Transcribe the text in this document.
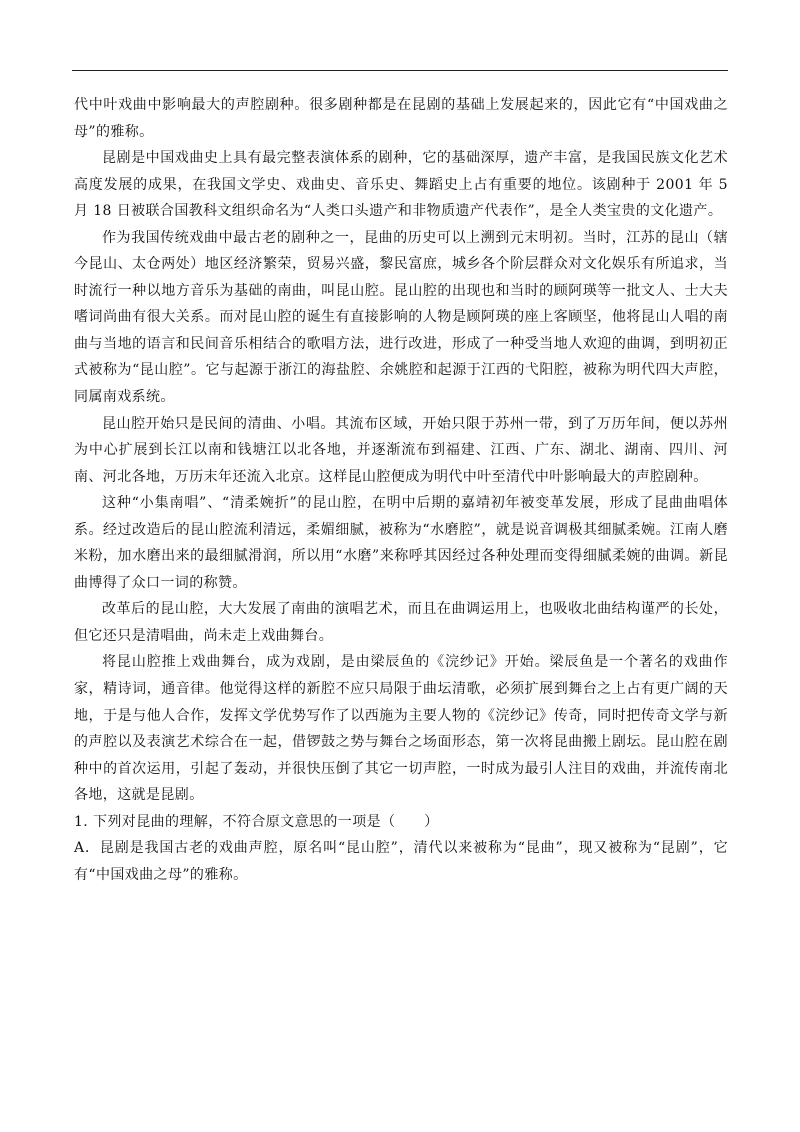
代中叶戏曲中影响最大的声腔剧种。很多剧种都是在昆剧的基础上发展起来的，因此它有“中国戏曲之母”的雅称。

昆剧是中国戏曲史上具有最完整表演体系的剧种，它的基础深厚，遗产丰富，是我国民族文化艺术高度发展的成果，在我国文学史、戏曲史、音乐史、舞蹈史上占有重要的地位。该剧种于 2001 年 5 月 18 日被联合国教科文组织命名为“人类口头遗产和非物质遗产代表作”，是全人类宝贵的文化遗产。

作为我国传统戏曲中最古老的剧种之一，昆曲的历史可以上溯到元末明初。当时，江苏的昆山（辖今昆山、太仓两处）地区经济繁荣，贸易兴盛，黎民富庶，城乡各个阶层群众对文化娱乐有所追求，当时流行一种以地方音乐为基础的南曲，叫昆山腔。昆山腔的出现也和当时的顾阿瑛等一批文人、士大夫嗜词尚曲有很大关系。而对昆山腔的诞生有直接影响的人物是顾阿瑛的座上客顾坚，他将昆山人唱的南曲与当地的语言和民间音乐相结合的歌唱方法，进行改进，形成了一种受当地人欢迎的曲调，到明初正式被称为“昆山腔”。它与起源于浙江的海盐腔、余姚腔和起源于江西的弋阳腔，被称为明代四大声腔，同属南戏系统。

昆山腔开始只是民间的清曲、小唱。其流布区域，开始只限于苏州一带，到了万历年间，便以苏州为中心扩展到长江以南和钱塘江以北各地，并逐渐流布到福建、江西、广东、湖北、湖南、四川、河南、河北各地，万历末年还流入北京。这样昆山腔便成为明代中叶至清代中叶影响最大的声腔剧种。

这种“小集南唱”、“清柔婉折”的昆山腔，在明中后期的嘉靖初年被变革发展，形成了昆曲曲唱体系。经过改造后的昆山腔流利清远，柔媚细腻，被称为“水磨腔”，就是说音调极其细腻柔婉。江南人磨米粉，加水磨出来的最细腻滑润，所以用“水磨”来称呼其因经过各种处理而变得细腻柔婉的曲调。新昆曲博得了众口一词的称赞。

改革后的昆山腔，大大发展了南曲的演唱艺术，而且在曲调运用上，也吸收北曲结构谨严的长处，但它还只是清唱曲，尚未走上戏曲舞台。

将昆山腔推上戏曲舞台，成为戏剧，是由梁辰鱼的《浣纱记》开始。梁辰鱼是一个著名的戏曲作家，精诗词，通音律。他觉得这样的新腔不应只局限于曲坛清歌，必须扩展到舞台之上占有更广阔的天地，于是与他人合作，发挥文学优势写作了以西施为主要人物的《浣纱记》传奇，同时把传奇文学与新的声腔以及表演艺术综合在一起，借锣鼓之势与舞台之场面形态，第一次将昆曲搬上剧坛。昆山腔在剧种中的首次运用，引起了轰动，并很快压倒了其它一切声腔，一时成为最引人注目的戏曲，并流传南北各地，这就是昆剧。

1. 下列对昆曲的理解，不符合原文意思的一项是（　　）

A．昆剧是我国古老的戏曲声腔，原名叫“昆山腔”，清代以来被称为“昆曲”，现又被称为“昆剧”，它有“中国戏曲之母”的雅称。
